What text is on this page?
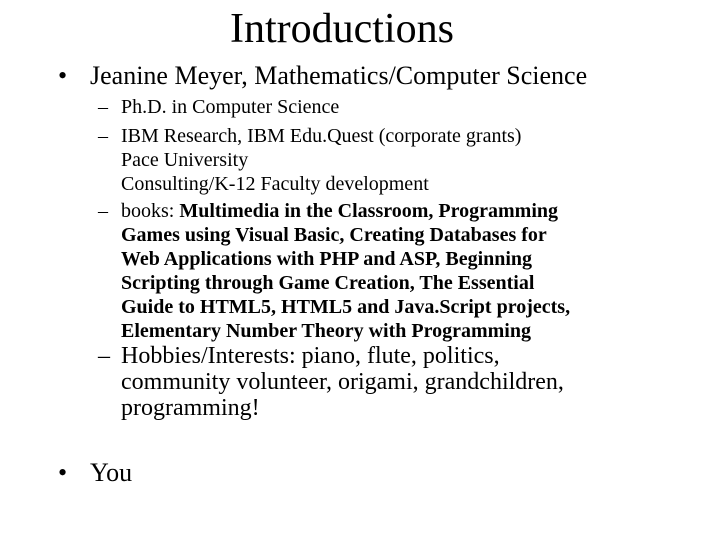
Introductions
• Jeanine Meyer, Mathematics/Computer Science
– Ph.D. in Computer Science
– IBM Research, IBM Edu.Quest (corporate grants)
Pace University
Consulting/K-12 Faculty development
– books: Multimedia in the Classroom, Programming
Games using Visual Basic, Creating Databases for
Web Applications with PHP and ASP, Beginning
Scripting through Game Creation, The Essential
Guide to HTML5, HTML5 and Java.Script projects,
Elementary Number Theory with Programming
– Hobbies/Interests: piano, flute, politics,
community volunteer, origami, grandchildren,
programming!
• You
